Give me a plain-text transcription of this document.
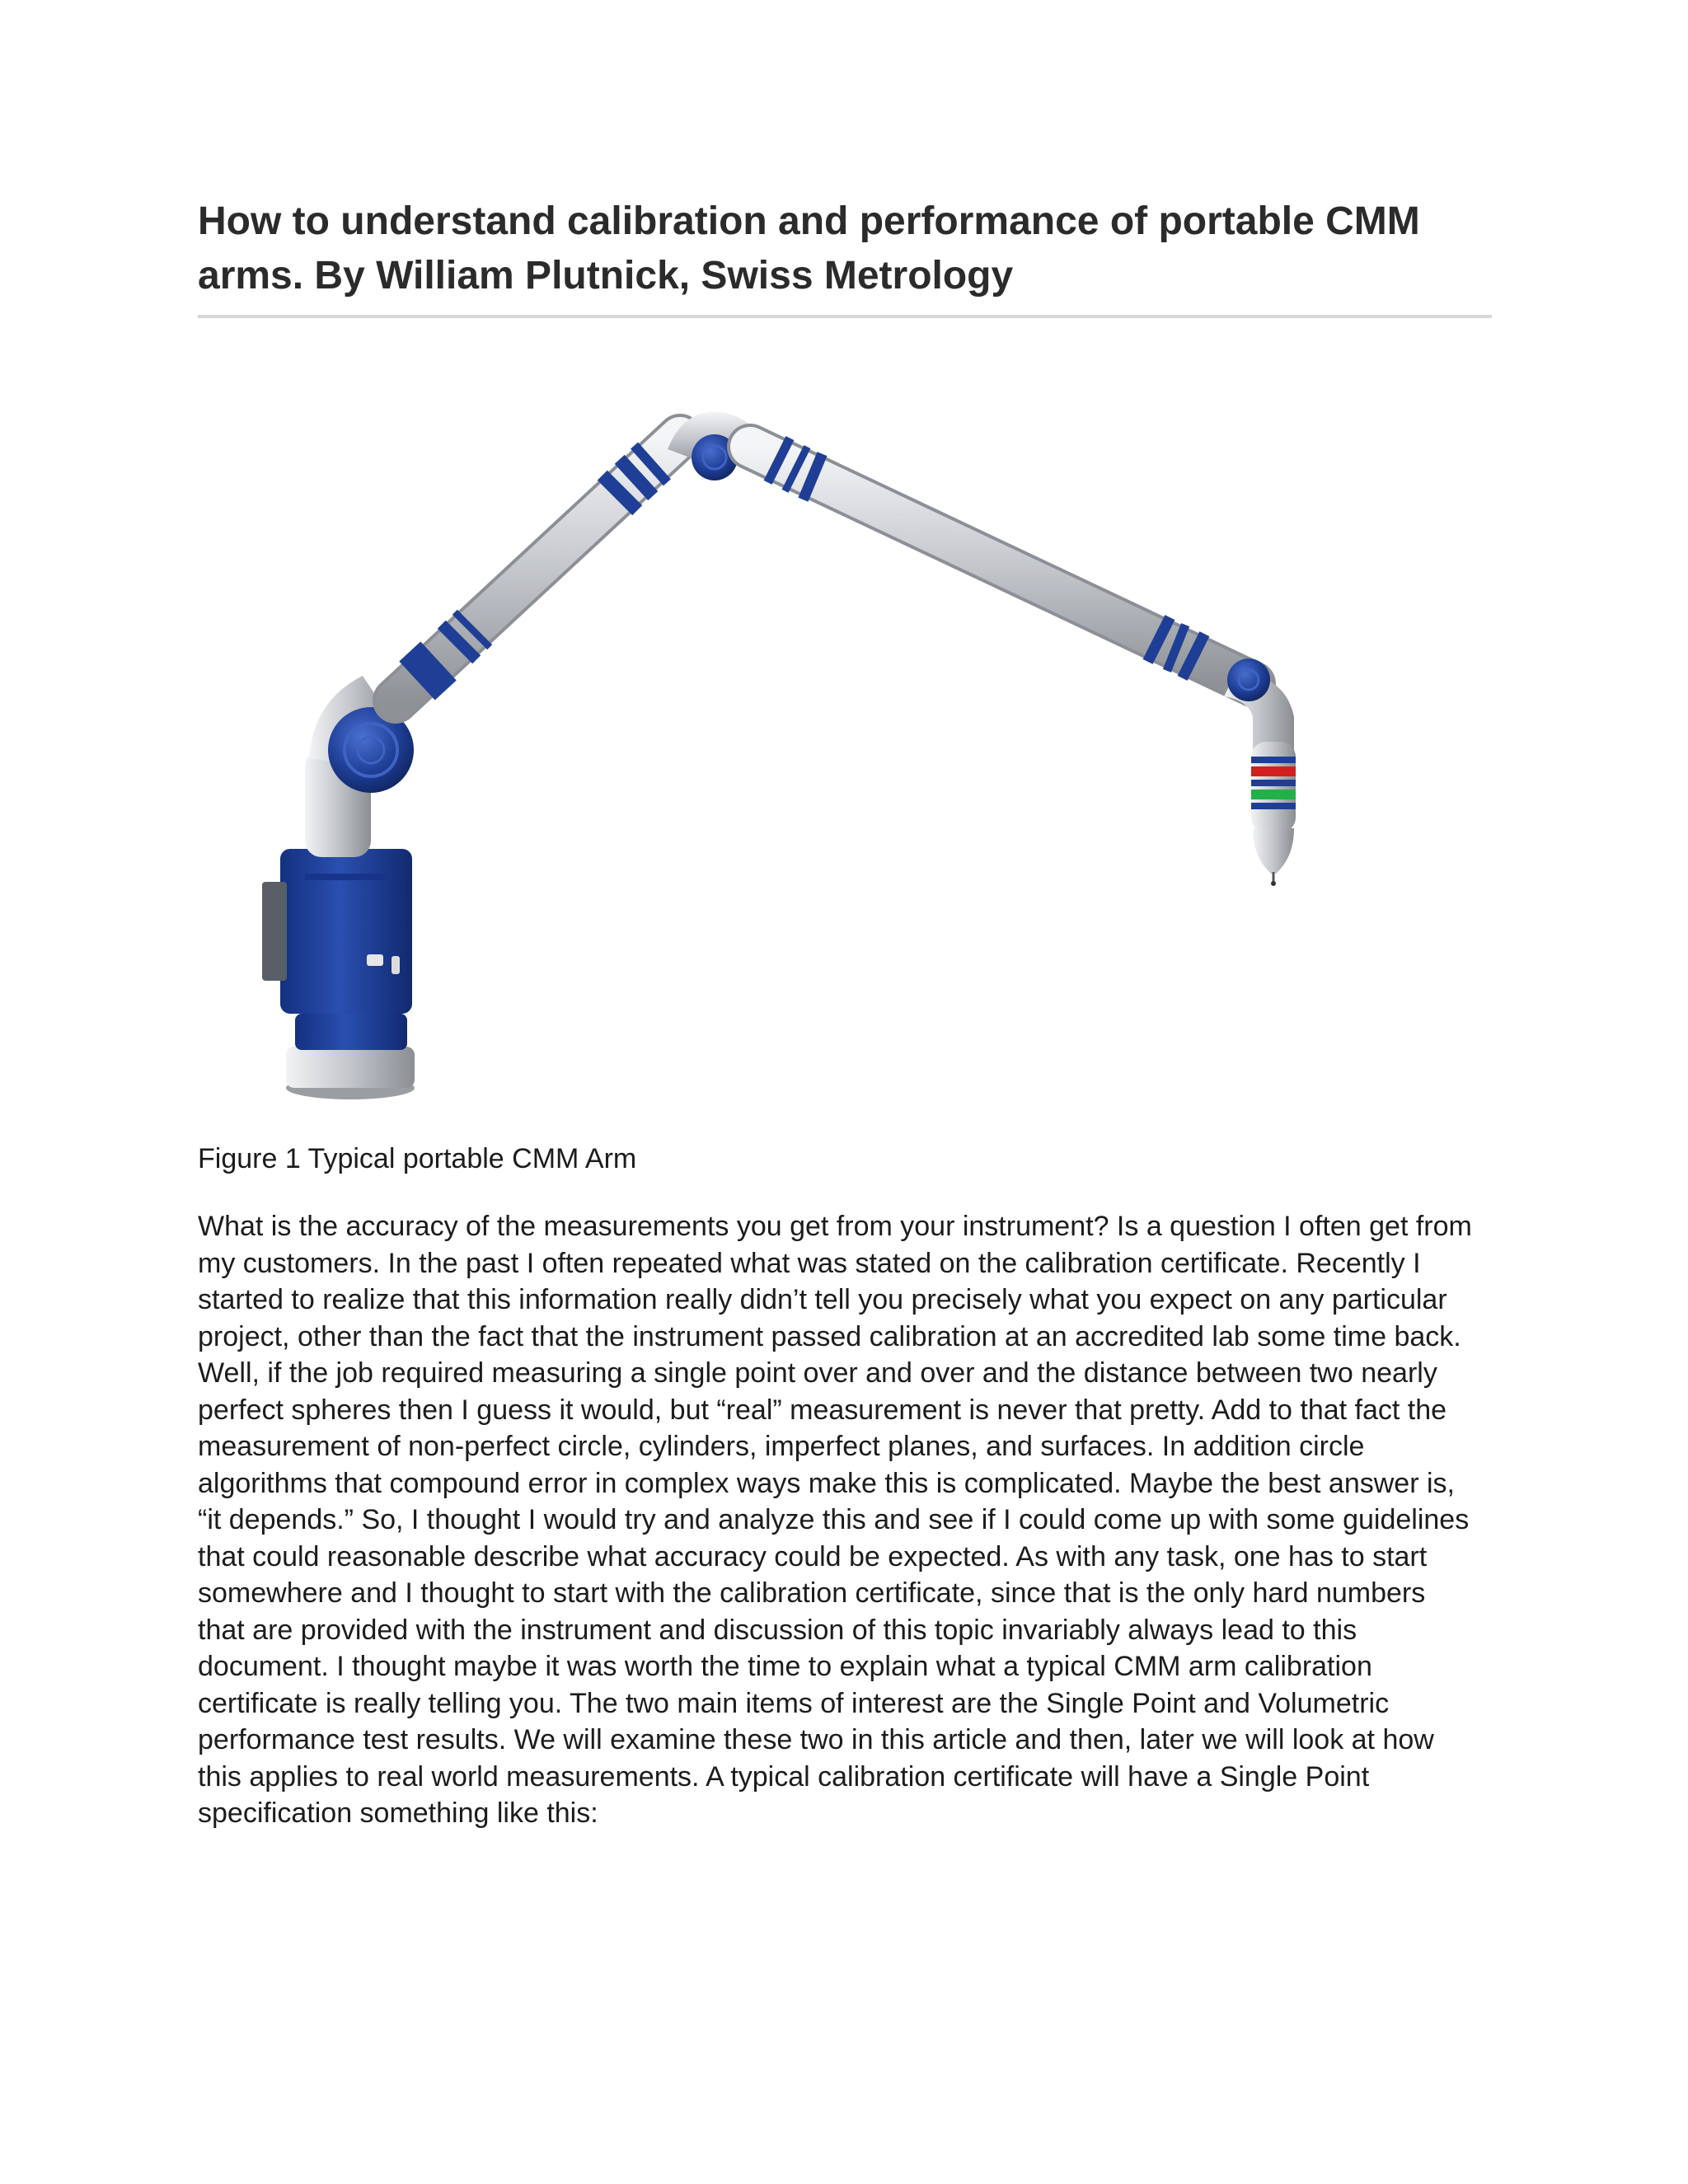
How to understand calibration and performance of portable CMM arms. By William Plutnick, Swiss Metrology
Figure 1 Typical portable CMM Arm
What is the accuracy of the measurements you get from your instrument? Is a question I often get from
my customers. In the past I often repeated what was stated on the calibration certificate. Recently I
started to realize that this information really didn’t tell you precisely what you expect on any particular
project, other than the fact that the instrument passed calibration at an accredited lab some time back.
Well, if the job required measuring a single point over and over and the distance between two nearly
perfect spheres then I guess it would, but “real” measurement is never that pretty. Add to that fact the
measurement of non-perfect circle, cylinders, imperfect planes, and surfaces. In addition circle
algorithms that compound error in complex ways make this is complicated. Maybe the best answer is,
“it depends.” So, I thought I would try and analyze this and see if I could come up with some guidelines
that could reasonable describe what accuracy could be expected. As with any task, one has to start
somewhere and I thought to start with the calibration certificate, since that is the only hard numbers
that are provided with the instrument and discussion of this topic invariably always lead to this
document. I thought maybe it was worth the time to explain what a typical CMM arm calibration
certificate is really telling you. The two main items of interest are the Single Point and Volumetric
performance test results. We will examine these two in this article and then, later we will look at how
this applies to real world measurements. A typical calibration certificate will have a Single Point
specification something like this:
